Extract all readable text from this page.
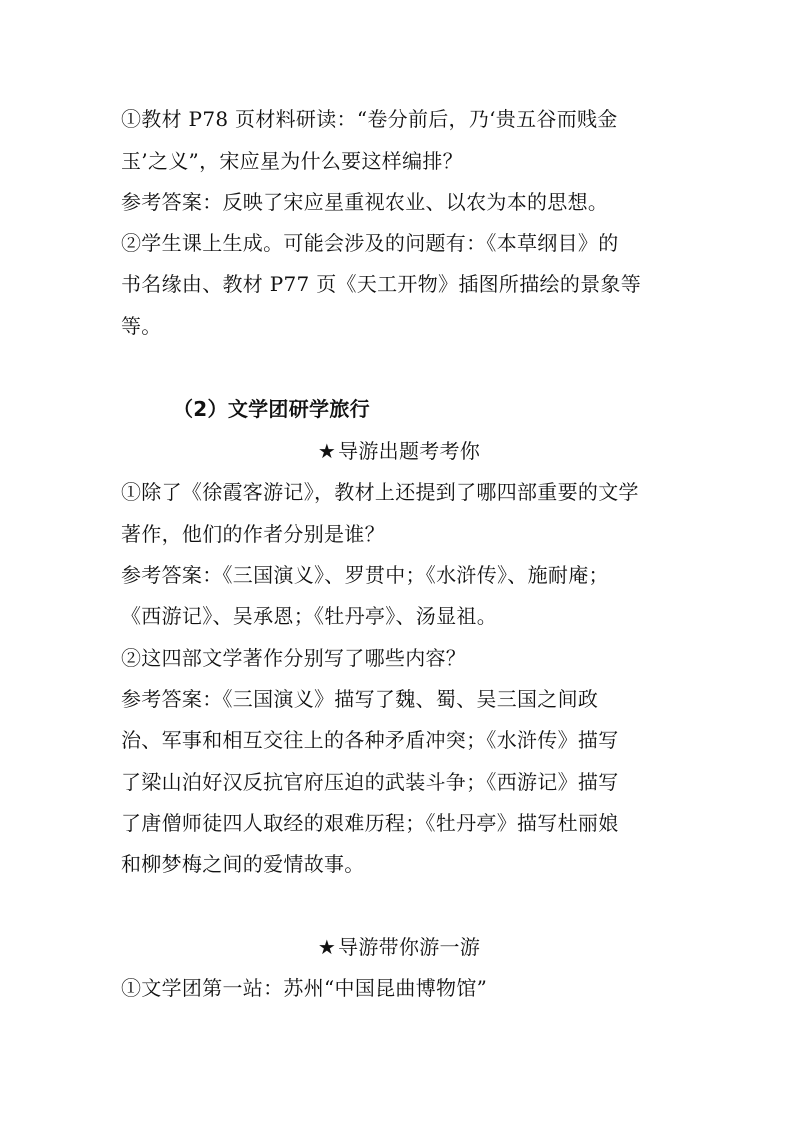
①教材 P78 页材料研读：“卷分前后，乃‘贵五谷而贱金
玉’之义”，宋应星为什么要这样编排？
参考答案：反映了宋应星重视农业、以农为本的思想。
②学生课上生成。可能会涉及的问题有：《本草纲目》的
书名缘由、教材 P77 页《天工开物》插图所描绘的景象等
等。
（2）文学团研学旅行
★ 导游出题考考你
①除了《徐霞客游记》，教材上还提到了哪四部重要的文学
著作，他们的作者分别是谁？
参考答案：《三国演义》、罗贯中；《水浒传》、施耐庵；
《西游记》、吴承恩；《牡丹亭》、汤显祖。
②这四部文学著作分别写了哪些内容？
参考答案：《三国演义》描写了魏、蜀、吴三国之间政
治、军事和相互交往上的各种矛盾冲突；《水浒传》描写
了梁山泊好汉反抗官府压迫的武装斗争；《西游记》描写
了唐僧师徒四人取经的艰难历程；《牡丹亭》描写杜丽娘
和柳梦梅之间的爱情故事。
★ 导游带你游一游
①文学团第一站：苏州“中国昆曲博物馆”
